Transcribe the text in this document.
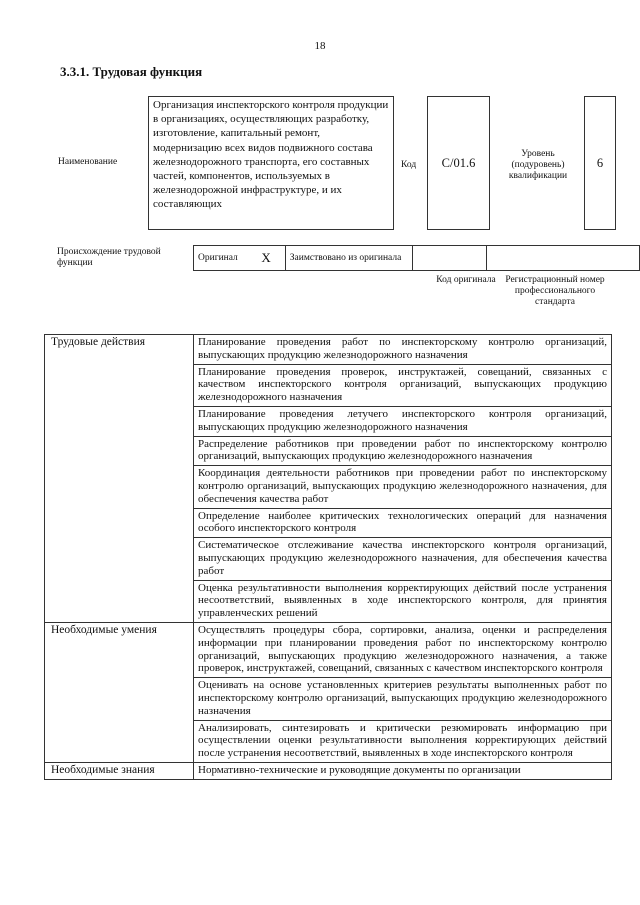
18
3.3.1. Трудовая функция
Наименование
Организация инспекторского контроля продукции в организациях, осуществляющих разработку, изготовление, капитальный ремонт, модернизацию всех видов подвижного состава железнодорожного транспорта, его составных частей, компонентов, используемых в железнодорожной инфраструктуре, и их составляющих
Код	С/01.6
Уровень (подуровень) квалификации
6
Происхождение трудовой функции	Оригинал	X	Заимствовано из оригинала		
Код оригинала	Регистрационный номер профессионального стандарта
Трудовые действия	Планирование проведения работ по инспекторскому контролю организаций, выпускающих продукцию железнодорожного назначения
	Планирование проведения проверок, инструктажей, совещаний, связанных с качеством инспекторского контроля организаций, выпускающих продукцию железнодорожного назначения
	Планирование проведения летучего инспекторского контроля организаций, выпускающих продукцию железнодорожного назначения
	Распределение работников при проведении работ по инспекторскому контролю организаций, выпускающих продукцию железнодорожного назначения
	Координация деятельности работников при проведении работ по инспекторскому контролю организаций, выпускающих продукцию железнодорожного назначения, для обеспечения качества работ
	Определение наиболее критических технологических операций для назначения особого инспекторского контроля
	Систематическое отслеживание качества инспекторского контроля организаций, выпускающих продукцию железнодорожного назначения, для обеспечения качества работ
	Оценка результативности выполнения корректирующих действий после устранения несоответствий, выявленных в ходе инспекторского контроля, для принятия управленческих решений
Необходимые умения	Осуществлять процедуры сбора, сортировки, анализа, оценки и распределения информации при планировании проведения работ по инспекторскому контролю организаций, выпускающих продукцию железнодорожного назначения, а также проверок, инструктажей, совещаний, связанных с качеством инспекторского контроля
	Оценивать на основе установленных критериев результаты выполненных работ по инспекторскому контролю организаций, выпускающих продукцию железнодорожного назначения
	Анализировать, синтезировать и критически резюмировать информацию при осуществлении оценки результативности выполнения корректирующих действий после устранения несоответствий, выявленных в ходе инспекторского контроля
Необходимые знания	Нормативно-технические и руководящие документы по организации
